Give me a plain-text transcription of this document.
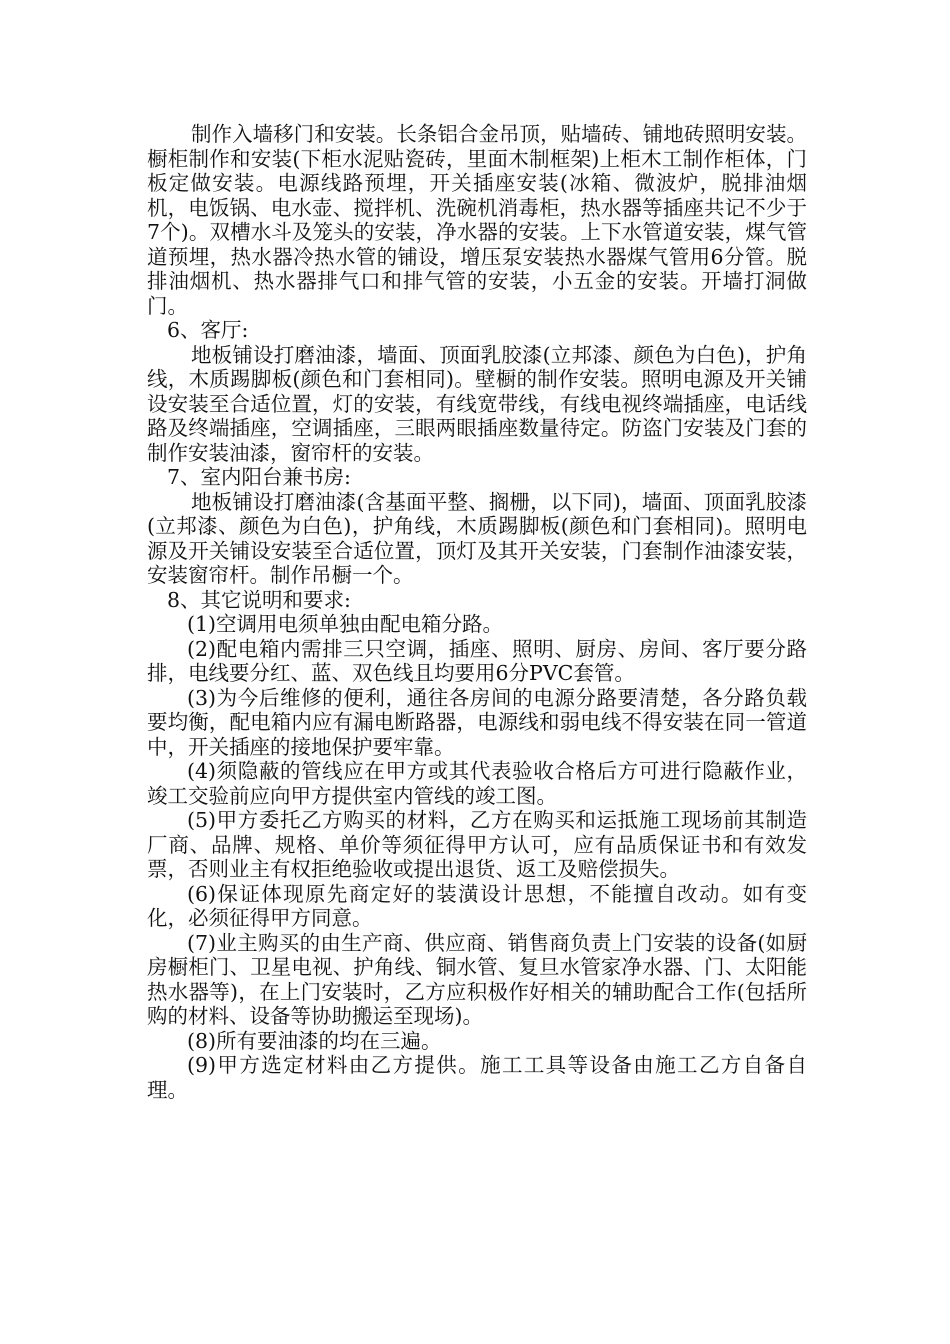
制作入墙移门和安装。长条铝合金吊顶，贴墙砖、铺地砖照明安装。橱柜制作和安装(下柜水泥贴瓷砖，里面木制框架)上柜木工制作柜体，门板定做安装。电源线路预埋，开关插座安装(冰箱、微波炉，脱排油烟机，电饭锅、电水壶、搅拌机、洗碗机消毒柜，热水器等插座共记不少于7个)。双槽水斗及笼头的安装，净水器的安装。上下水管道安装，煤气管道预埋，热水器冷热水管的铺设，增压泵安装热水器煤气管用6分管。脱排油烟机、热水器排气口和排气管的安装，小五金的安装。开墙打洞做门。

6、客厅:

地板铺设打磨油漆，墙面、顶面乳胶漆(立邦漆、颜色为白色)，护角线，木质踢脚板(颜色和门套相同)。壁橱的制作安装。照明电源及开关铺设安装至合适位置，灯的安装，有线宽带线，有线电视终端插座，电话线路及终端插座，空调插座，三眼两眼插座数量待定。防盗门安装及门套的制作安装油漆，窗帘杆的安装。

7、室内阳台兼书房:

地板铺设打磨油漆(含基面平整、搁栅，以下同)，墙面、顶面乳胶漆(立邦漆、颜色为白色)，护角线，木质踢脚板(颜色和门套相同)。照明电源及开关铺设安装至合适位置，顶灯及其开关安装，门套制作油漆安装，安装窗帘杆。制作吊橱一个。

8、其它说明和要求:

(1)空调用电须单独由配电箱分路。

(2)配电箱内需排三只空调，插座、照明、厨房、房间、客厅要分路排，电线要分红、蓝、双色线且均要用6分PVC套管。

(3)为今后维修的便利，通往各房间的电源分路要清楚，各分路负载要均衡，配电箱内应有漏电断路器，电源线和弱电线不得安装在同一管道中，开关插座的接地保护要牢靠。

(4)须隐蔽的管线应在甲方或其代表验收合格后方可进行隐蔽作业，竣工交验前应向甲方提供室内管线的竣工图。

(5)甲方委托乙方购买的材料，乙方在购买和运抵施工现场前其制造厂商、品牌、规格、单价等须征得甲方认可，应有品质保证书和有效发票，否则业主有权拒绝验收或提出退货、返工及赔偿损失。

(6)保证体现原先商定好的装潢设计思想，不能擅自改动。如有变化，必须征得甲方同意。

(7)业主购买的由生产商、供应商、销售商负责上门安装的设备(如厨房橱柜门、卫星电视、护角线、铜水管、复旦水管家净水器、门、太阳能热水器等)，在上门安装时，乙方应积极作好相关的辅助配合工作(包括所购的材料、设备等协助搬运至现场)。

(8)所有要油漆的均在三遍。

(9)甲方选定材料由乙方提供。施工工具等设备由施工乙方自备自理。
